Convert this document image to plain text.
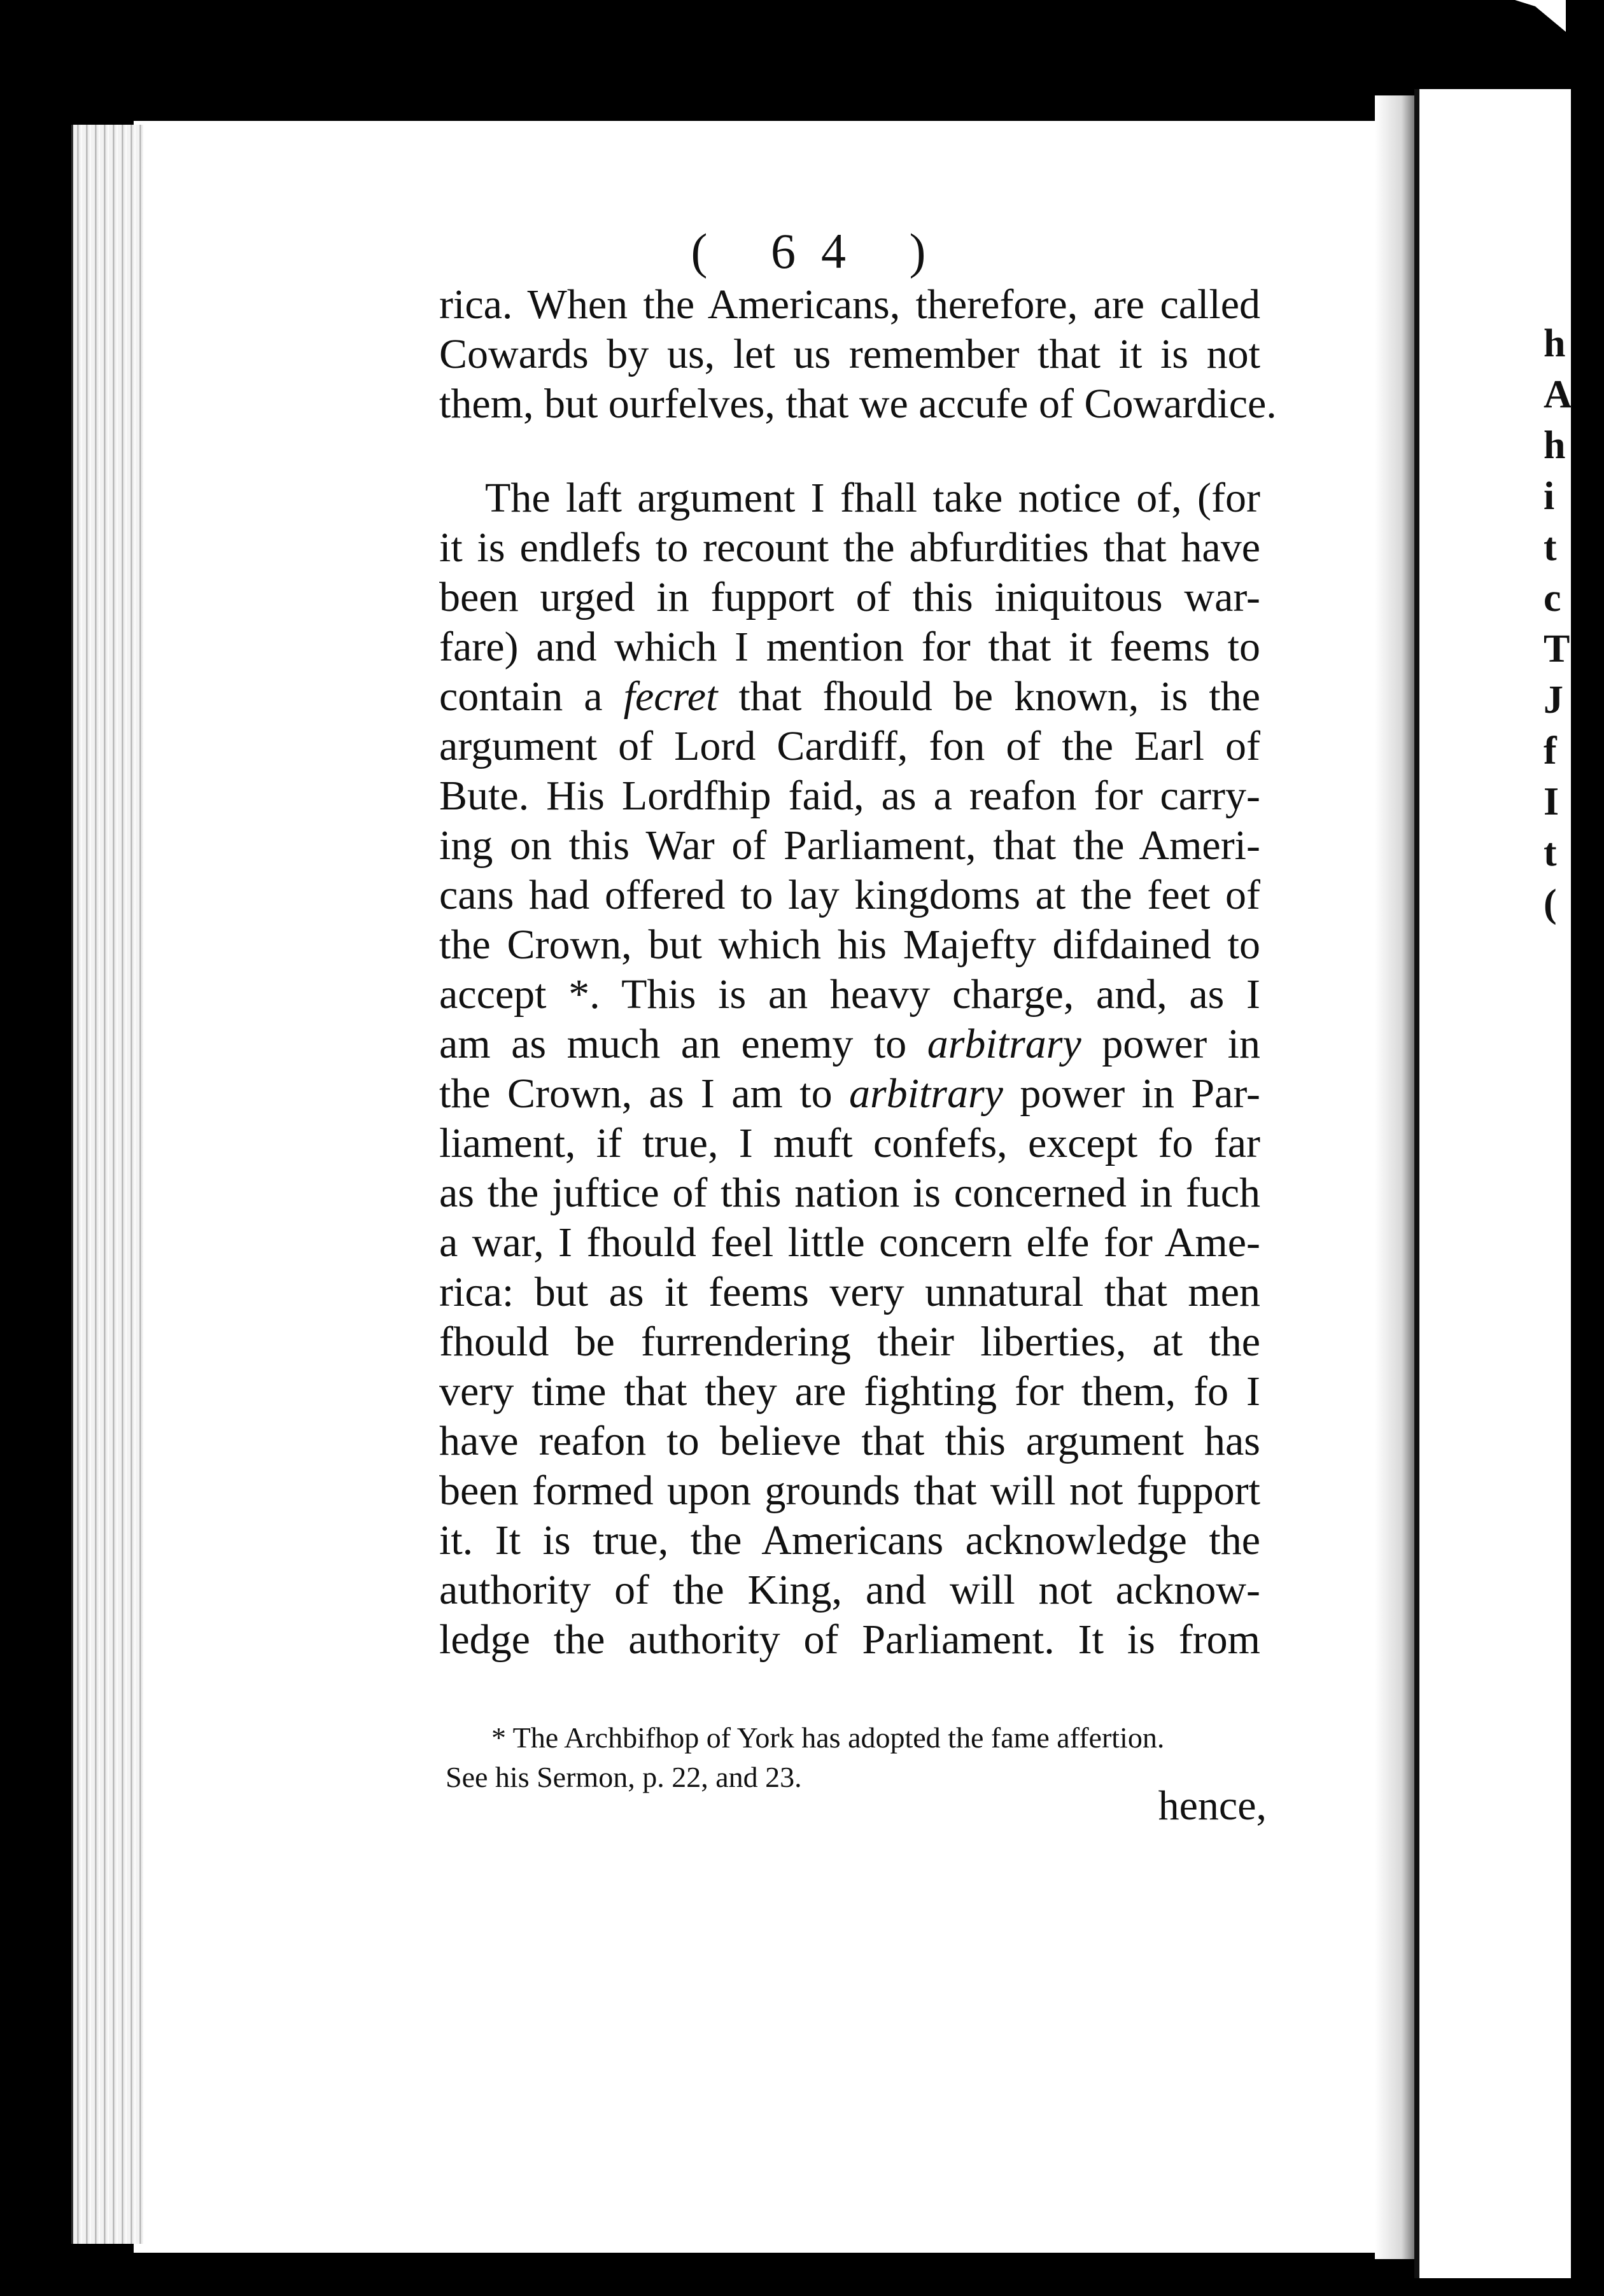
( 64 )
rica. When the Americans, therefore, are called
Cowards by us, let us remember that it is not
them, but ourfelves, that we accufe of Cowardice.
The laft argument I fhall take notice of, (for
it is endlefs to recount the abfurdities that have
been urged in fupport of this iniquitous war-
fare) and which I mention for that it feems to
contain a fecret that fhould be known, is the
argument of Lord Cardiff, fon of the Earl of
Bute. His Lordfhip faid, as a reafon for carry-
ing on this War of Parliament, that the Ameri-
cans had offered to lay kingdoms at the feet of
the Crown, but which his Majefty difdained to
accept *. This is an heavy charge, and, as I
am as much an enemy to arbitrary power in
the Crown, as I am to arbitrary power in Par-
liament, if true, I muft confefs, except fo far
as the juftice of this nation is concerned in fuch
a war, I fhould feel little concern elfe for Ame-
rica: but as it feems very unnatural that men
fhould be furrendering their liberties, at the
very time that they are fighting for them, fo I
have reafon to believe that this argument has
been formed upon grounds that will not fupport
it. It is true, the Americans acknowledge the
authority of the King, and will not acknow-
ledge the authority of Parliament. It is from
* The Archbifhop of York has adopted the fame affertion.
See his Sermon, p. 22, and 23.
hence,
h
A
h
i
t
c
T
J
f
I
t
(
